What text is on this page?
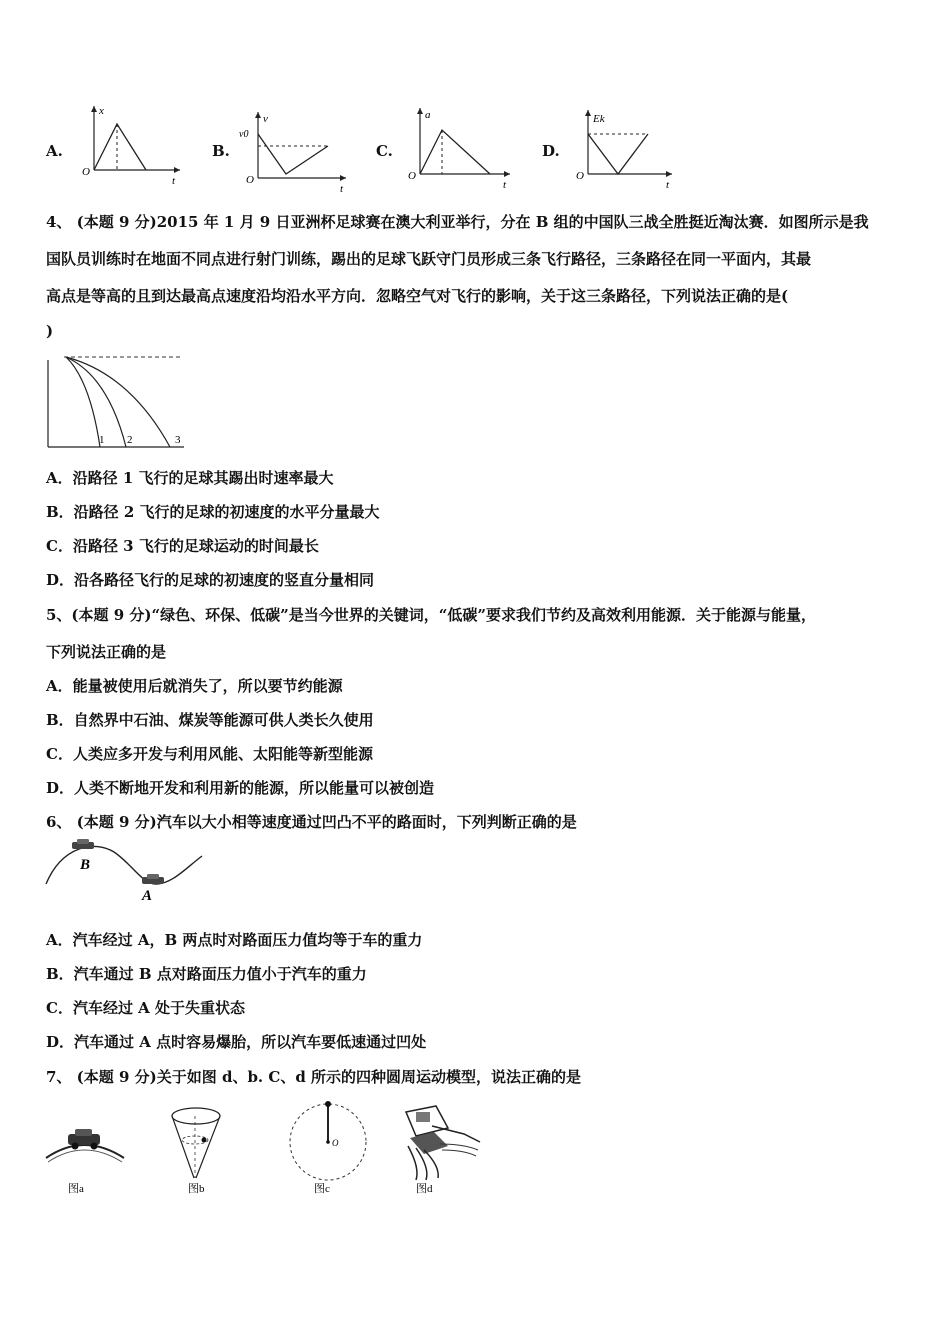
A.
x
t
O
B.
v
v0
t
O
C.
a
t
O
D.
Ek
t
O
4、 (本题 9 分)2015 年 1 月 9 日亚洲杯足球赛在澳大利亚举行，分在 B 组的中国队三战全胜挺近淘汰赛．如图所示是我
国队员训练时在地面不同点进行射门训练，踢出的足球飞跃守门员形成三条飞行路径，三条路径在同一平面内，其最
高点是等高的且到达最高点速度沿均沿水平方向．忽略空气对飞行的影响，关于这三条路径，下列说法正确的是(
)
1 2	3
A．沿路径 1 飞行的足球其踢出时速率最大
B．沿路径 2 飞行的足球的初速度的水平分量最大
C．沿路径 3 飞行的足球运动的时间最长
D．沿各路径飞行的足球的初速度的竖直分量相同
5、(本题 9 分)“绿色、环保、低碳”是当今世界的关键词，“低碳”要求我们节约及高效利用能源．关于能源与能量，
下列说法正确的是
A．能量被使用后就消失了，所以要节约能源
B．自然界中石油、煤炭等能源可供人类长久使用
C．人类应多开发与利用风能、太阳能等新型能源
D．人类不断地开发和利用新的能源，所以能量可以被创造
6、 (本题 9 分)汽车以大小相等速度通过凹凸不平的路面时，下列判断正确的是
B
A
A．汽车经过 A，B 两点时对路面压力值均等于车的重力
B．汽车通过 B 点对路面压力值小于汽车的重力
C．汽车经过 A 处于失重状态
D．汽车通过 A 点时容易爆胎，所以汽车要低速通过凹处
7、 (本题 9 分)关于如图 d、b. C、d 所示的四种圆周运动模型，说法正确的是
图a	图b
O
图c	图d
